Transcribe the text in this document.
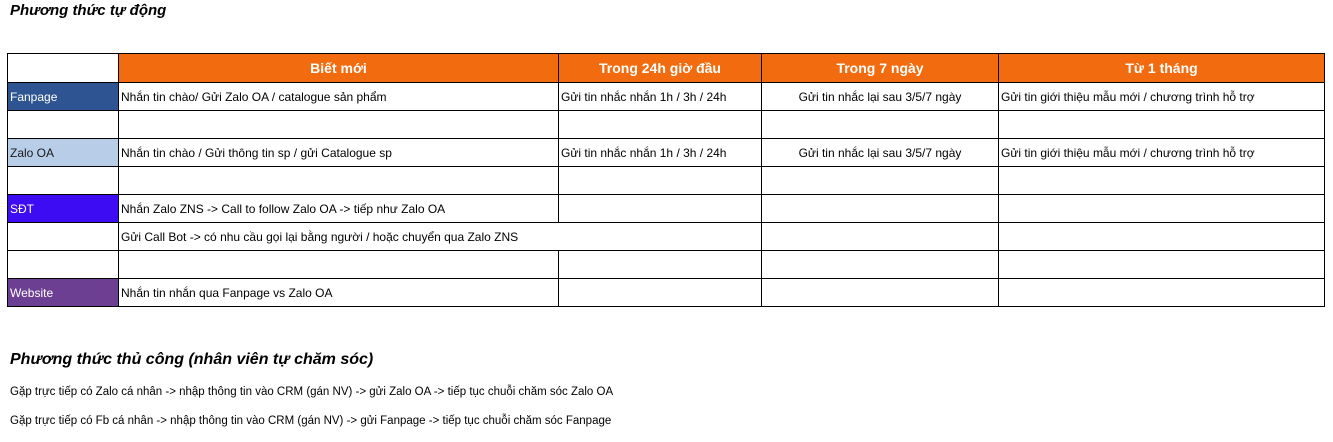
Phương thức tự động
	Biết mới	Trong 24h giờ đầu	Trong 7 ngày	Từ 1 tháng
Fanpage	Nhắn tin chào/ Gửi Zalo OA / catalogue sản phẩm	Gửi tin nhắc nhắn 1h / 3h / 24h	Gửi tin nhắc lại sau 3/5/7 ngày	Gửi tin giới thiệu mẫu mới / chương trình hỗ trợ

Zalo OA	Nhắn tin chào / Gửi thông tin sp / gửi Catalogue sp	Gửi tin nhắc nhắn 1h / 3h / 24h	Gửi tin nhắc lại sau 3/5/7 ngày	Gửi tin giới thiệu mẫu mới / chương trình hỗ trợ

SĐT	Nhắn Zalo ZNS -> Call to follow Zalo OA -> tiếp như Zalo OA			
	Gửi Call Bot -> có nhu cầu gọi lại bằng người / hoặc chuyển qua Zalo ZNS			

Website	Nhắn tin nhắn qua Fanpage vs Zalo OA			
Phương thức thủ công (nhân viên tự chăm sóc)
Gặp trực tiếp có Zalo cá nhân -> nhập thông tin vào CRM (gán NV) -> gửi Zalo OA -> tiếp tục chuỗi chăm sóc Zalo OA
Gặp trực tiếp có Fb cá nhân -> nhập thông tin vào CRM (gán NV) -> gửi Fanpage -> tiếp tục chuỗi chăm sóc Fanpage
